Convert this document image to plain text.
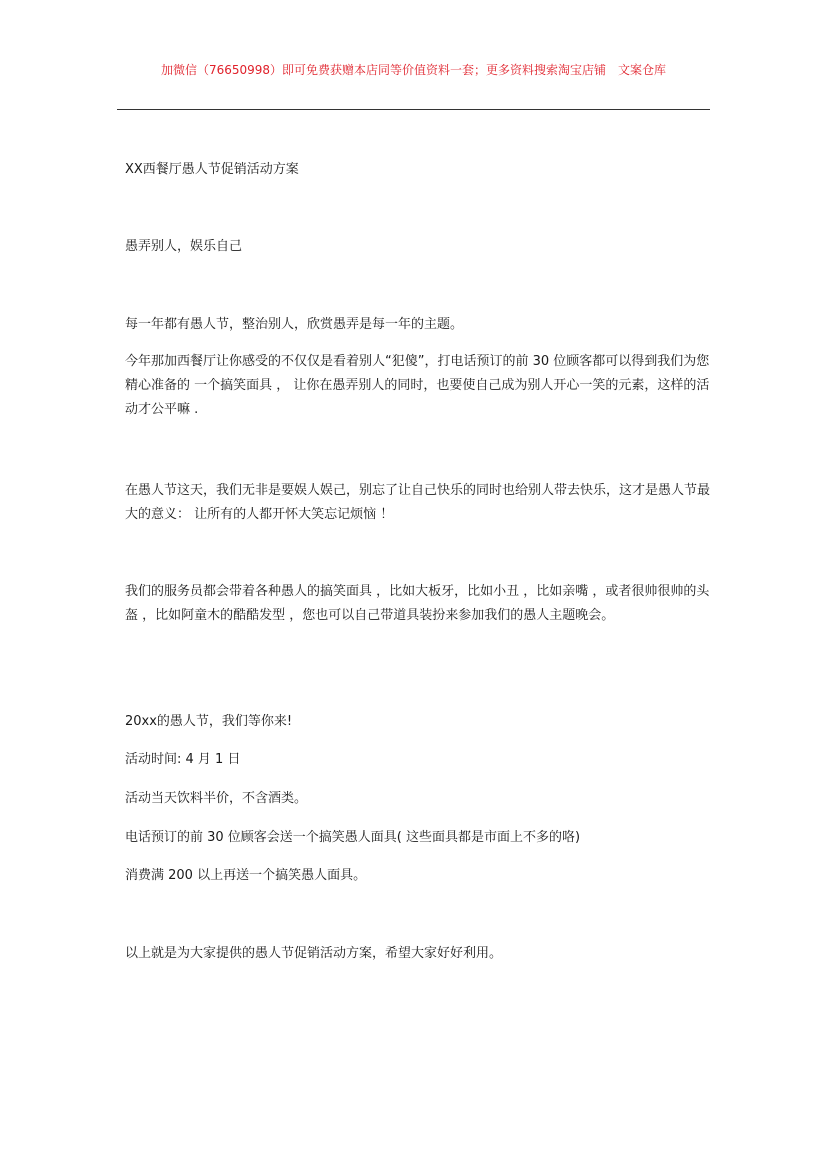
加微信（76650998）即可免费获赠本店同等价值资料一套；更多资料搜索淘宝店铺　文案仓库

XX西餐厅愚人节促销活动方案

愚弄别人，娱乐自己

每一年都有愚人节，整治别人，欣赏愚弄是每一年的主题。

今年那加西餐厅让你感受的不仅仅是看着别人“犯傻”，打电话预订的前 30 位顾客都可以得到我们为您精心准备的 一个搞笑面具 ， 让你在愚弄别人的同时，也要使自己成为别人开心一笑的元素，这样的活动才公平嘛 .

在愚人节这天，我们无非是要娱人娱己，别忘了让自己快乐的同时也给别人带去快乐，这才是愚人节最大的意义： 让所有的人都开怀大笑忘记烦恼 ！

我们的服务员都会带着各种愚人的搞笑面具 ，比如大板牙，比如小丑 ，比如亲嘴 ，或者很帅很帅的头盔 ，比如阿童木的酷酷发型 ，您也可以自己带道具装扮来参加我们的愚人主题晚会。

20xx的愚人节，我们等你来!

活动时间: 4 月 1 日

活动当天饮料半价，不含酒类。

电话预订的前 30 位顾客会送一个搞笑愚人面具( 这些面具都是市面上不多的咯)

消费满 200 以上再送一个搞笑愚人面具。

以上就是为大家提供的愚人节促销活动方案，希望大家好好利用。
